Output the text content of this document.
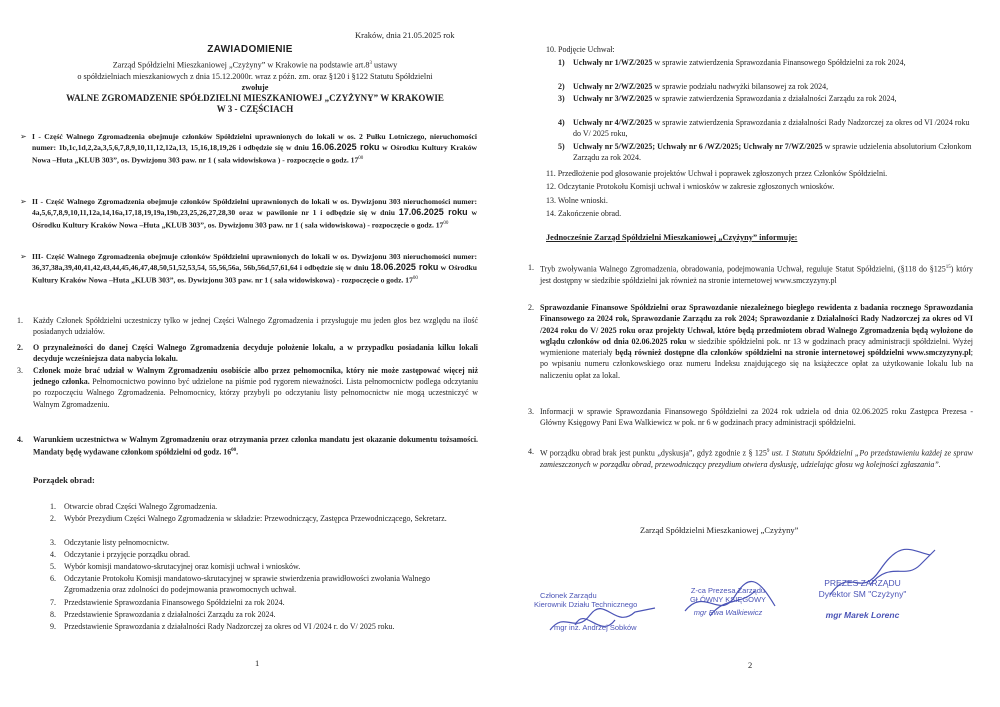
Kraków, dnia 21.05.2025 rok
ZAWIADOMIENIE
Zarząd Spółdzielni Mieszkaniowej „Czyżyny” w Krakowie na podstawie $art.8^3$ ustawy
o spółdzielniach mieszkaniowych z dnia 15.12.2000r. wraz z późn. zm. oraz §120 i §122 Statutu Spółdzielni
zwołuje
WALNE ZGROMADZENIE SPÓŁDZIELNI MIESZKANIOWEJ „CZYŻYNY” W KRAKOWIE
W 3 - CZĘŚCIACH
➢ I - Część Walnego Zgromadzenia obejmuje członków Spółdzielni uprawnionych do lokali w os. 2 Pułku Lotniczego, nieruchomości numer: 1b,1c,1d,2,2a,3,5,6,7,8,9,10,11,12,12a,13, 15,16,18,19,26 i odbędzie się w dniu 16.06.2025 roku w Ośrodku Kultury Kraków Nowa –Huta „KLUB 303”, os. Dywizjonu 303 paw. nr 1 ( sala widowiskowa ) - rozpoczęcie o godz. $17^{00}$
➢ II - Część Walnego Zgromadzenia obejmuje członków Spółdzielni uprawnionych do lokali w os. Dywizjonu 303 nieruchomości numer: 4a,5,6,7,8,9,10,11,12a,14,16a,17,18,19,19a,19b,23,25,26,27,28,30 oraz w pawilonie nr 1 i odbędzie się w dniu 17.06.2025 roku w Ośrodku Kultury Kraków Nowa –Huta „KLUB 303”, os. Dywizjonu 303 paw. nr 1 ( sala widowiskowa) - rozpoczęcie o godz. $17^{00}$
➢ III- Część Walnego Zgromadzenia obejmuje członków Spółdzielni uprawnionych do lokali w os. Dywizjonu 303 nieruchomości numer: 36,37,38a,39,40,41,42,43,44,45,46,47,48,50,51,52,53,54, 55,56,56a, 56b,56d,57,61,64 i odbędzie się w dniu 18.06.2025 roku w Ośrodku Kultury Kraków Nowa –Huta „KLUB 303”, os. Dywizjonu 303 paw. nr 1 ( sala widowiskowa) - rozpoczęcie o godz. $17^{00}$
1. Każdy Członek Spółdzielni uczestniczy tylko w jednej Części Walnego Zgromadzenia i przysługuje mu jeden głos bez względu na ilość posiadanych udziałów.
2. O przynależności do danej Części Walnego Zgromadzenia decyduje położenie lokalu, a w przypadku posiadania kilku lokali decyduje wcześniejsza data nabycia lokalu.
3. Członek może brać udział w Walnym Zgromadzeniu osobiście albo przez pełnomocnika, który nie może zastępować więcej niż jednego członka. Pełnomocnictwo powinno być udzielone na piśmie pod rygorem nieważności. Lista pełnomocnictw podlega odczytaniu po rozpoczęciu Walnego Zgromadzenia. Pełnomocnicy, którzy przybyli po odczytaniu listy pełnomocnictw nie mogą uczestniczyć w Walnym Zgromadzeniu.
4. Warunkiem uczestnictwa w Walnym Zgromadzeniu oraz otrzymania przez członka mandatu jest okazanie dokumentu tożsamości. Mandaty będę wydawane członkom spółdzielni od godz. $16^{00}$.
Porządek obrad:
1. Otwarcie obrad Części Walnego Zgromadzenia.
2. Wybór Prezydium Części Walnego Zgromadzenia w składzie: Przewodniczący, Zastępca Przewodniczącego, Sekretarz.
3. Odczytanie listy pełnomocnictw.
4. Odczytanie i przyjęcie porządku obrad.
5. Wybór komisji mandatowo-skrutacyjnej oraz komisji uchwał i wniosków.
6. Odczytanie Protokołu Komisji mandatowo-skrutacyjnej w sprawie stwierdzenia prawidłowości zwołania Walnego Zgromadzenia oraz zdolności do podejmowania prawomocnych uchwał.
7. Przedstawienie Sprawozdania Finansowego Spółdzielni za rok 2024.
8. Przedstawienie Sprawozdania z działalności Zarządu za rok 2024.
9. Przedstawienie Sprawozdania z działalności Rady Nadzorczej za okres od VI /2024 r. do V/ 2025 roku.
1
10. Podjęcie Uchwał:
1) Uchwały nr 1/WZ/2025 w sprawie zatwierdzenia Sprawozdania Finansowego Spółdzielni za rok 2024,
2) Uchwały nr 2/WZ/2025 w sprawie podziału nadwyżki bilansowej za rok 2024,
3) Uchwały nr 3/WZ/2025 w sprawie zatwierdzenia Sprawozdania z działalności Zarządu za rok 2024,
4) Uchwały nr 4/WZ/2025 w sprawie zatwierdzenia Sprawozdania z działalności Rady Nadzorczej za okres od VI /2024 roku do V/ 2025 roku,
5) Uchwały nr 5/WZ/2025; Uchwały nr 6 /WZ/2025; Uchwały nr 7/WZ/2025 w sprawie udzielenia absolutorium Członkom Zarządu za rok 2024.
11. Przedłożenie pod głosowanie projektów Uchwał i poprawek zgłoszonych przez Członków Spółdzielni.
12. Odczytanie Protokołu Komisji uchwał i wniosków w zakresie zgłoszonych wniosków.
13. Wolne wnioski.
14. Zakończenie obrad.
Jednocześnie Zarząd Spółdzielni Mieszkaniowej „Czyżyny” informuje:
1. Tryb zwoływania Walnego Zgromadzenia, obradowania, podejmowania Uchwał, reguluje Statut Spółdzielni, (§118 do $\S 125^{15}$) który jest dostępny w siedzibie spółdzielni jak również na stronie internetowej www.smczyzyny.pl
2. Sprawozdanie Finansowe Spółdzielni oraz Sprawozdanie niezależnego biegłego rewidenta z badania rocznego Sprawozdania Finansowego za 2024 rok, Sprawozdanie Zarządu za rok 2024; Sprawozdanie z Działalności Rady Nadzorczej za okres od VI /2024 roku do V/ 2025 roku oraz projekty Uchwał, które będą przedmiotem obrad Walnego Zgromadzenia będą wyłożone do wglądu członków od dnia 02.06.2025 roku w siedzibie spółdzielni pok. nr 13 w godzinach pracy administracji spółdzielni. Wyżej wymienione materiały będą również dostępne dla członków spółdzielni na stronie internetowej spółdzielni www.smczyzyny.pl; po wpisaniu numeru członkowskiego oraz numeru Indeksu znajdującego się na książeczce opłat za użytkowanie lokalu lub na naliczeniu opłat za lokal.
3. Informacji w sprawie Sprawozdania Finansowego Spółdzielni za 2024 rok udziela od dnia 02.06.2025 roku Zastępca Prezesa - Główny Księgowy Pani Ewa Walkiewicz w pok. nr 6 w godzinach pracy administracji spółdzielni.
4. W porządku obrad brak jest punktu „dyskusja”, gdyż zgodnie z § $125^9$ ust. 1 Statutu Spółdzielni „Po przedstawieniu każdej ze spraw zamieszczonych w porządku obrad, przewodniczący prezydium otwiera dyskusję, udzielając głosu wg kolejności zgłaszania”.
Zarząd Spółdzielni Mieszkaniowej „Czyżyny”
Członek Zarządu
Kierownik Działu Technicznego
mgr inż. Andrzej Sobków
Z-ca Prezesa Zarządu
GŁÓWNY KSIĘGOWY
mgr Ewa Walkiewicz
PREZES ZARZĄDU
Dyrektor SM "Czyżyny"
mgr Marek Lorenc
2
